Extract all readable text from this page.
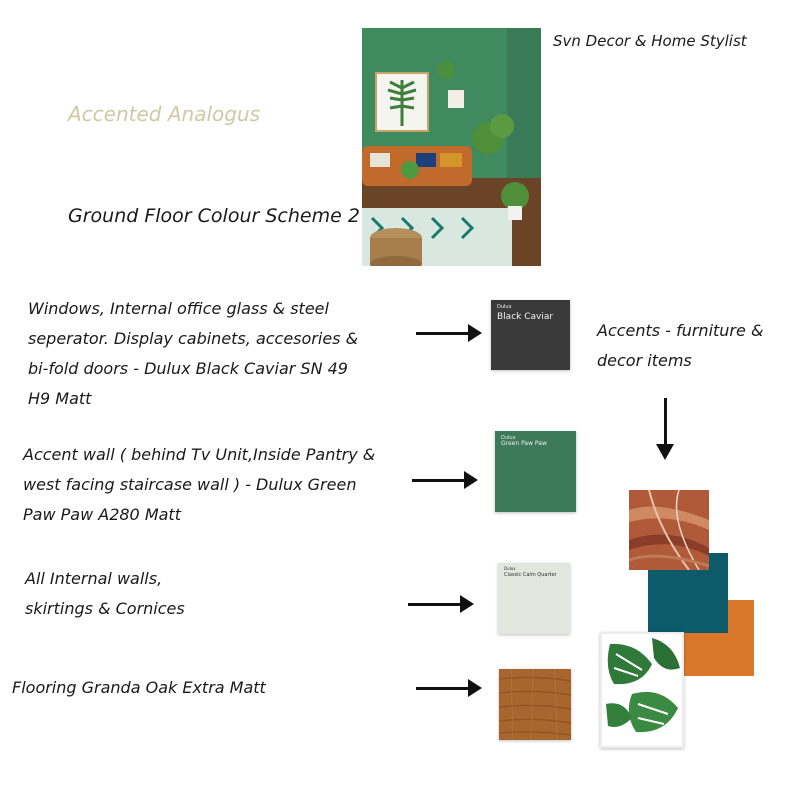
Accented Analogus
Ground Floor Colour Scheme 2
Svn Decor & Home Stylist
Windows, Internal office glass & steel
seperator. Display cabinets, accesories &
bi-fold doors - Dulux Black Caviar SN 49
H9 Matt
Dulux
Black Caviar
Accents - furniture &
decor items
Accent wall ( behind Tv Unit,Inside Pantry &
west facing staircase wall ) - Dulux Green
Paw Paw A280 Matt
Dulux
Green Paw Paw
All Internal walls,
skirtings & Cornices
Dulux
Classic Calm Quarter
Flooring Granda Oak Extra Matt
